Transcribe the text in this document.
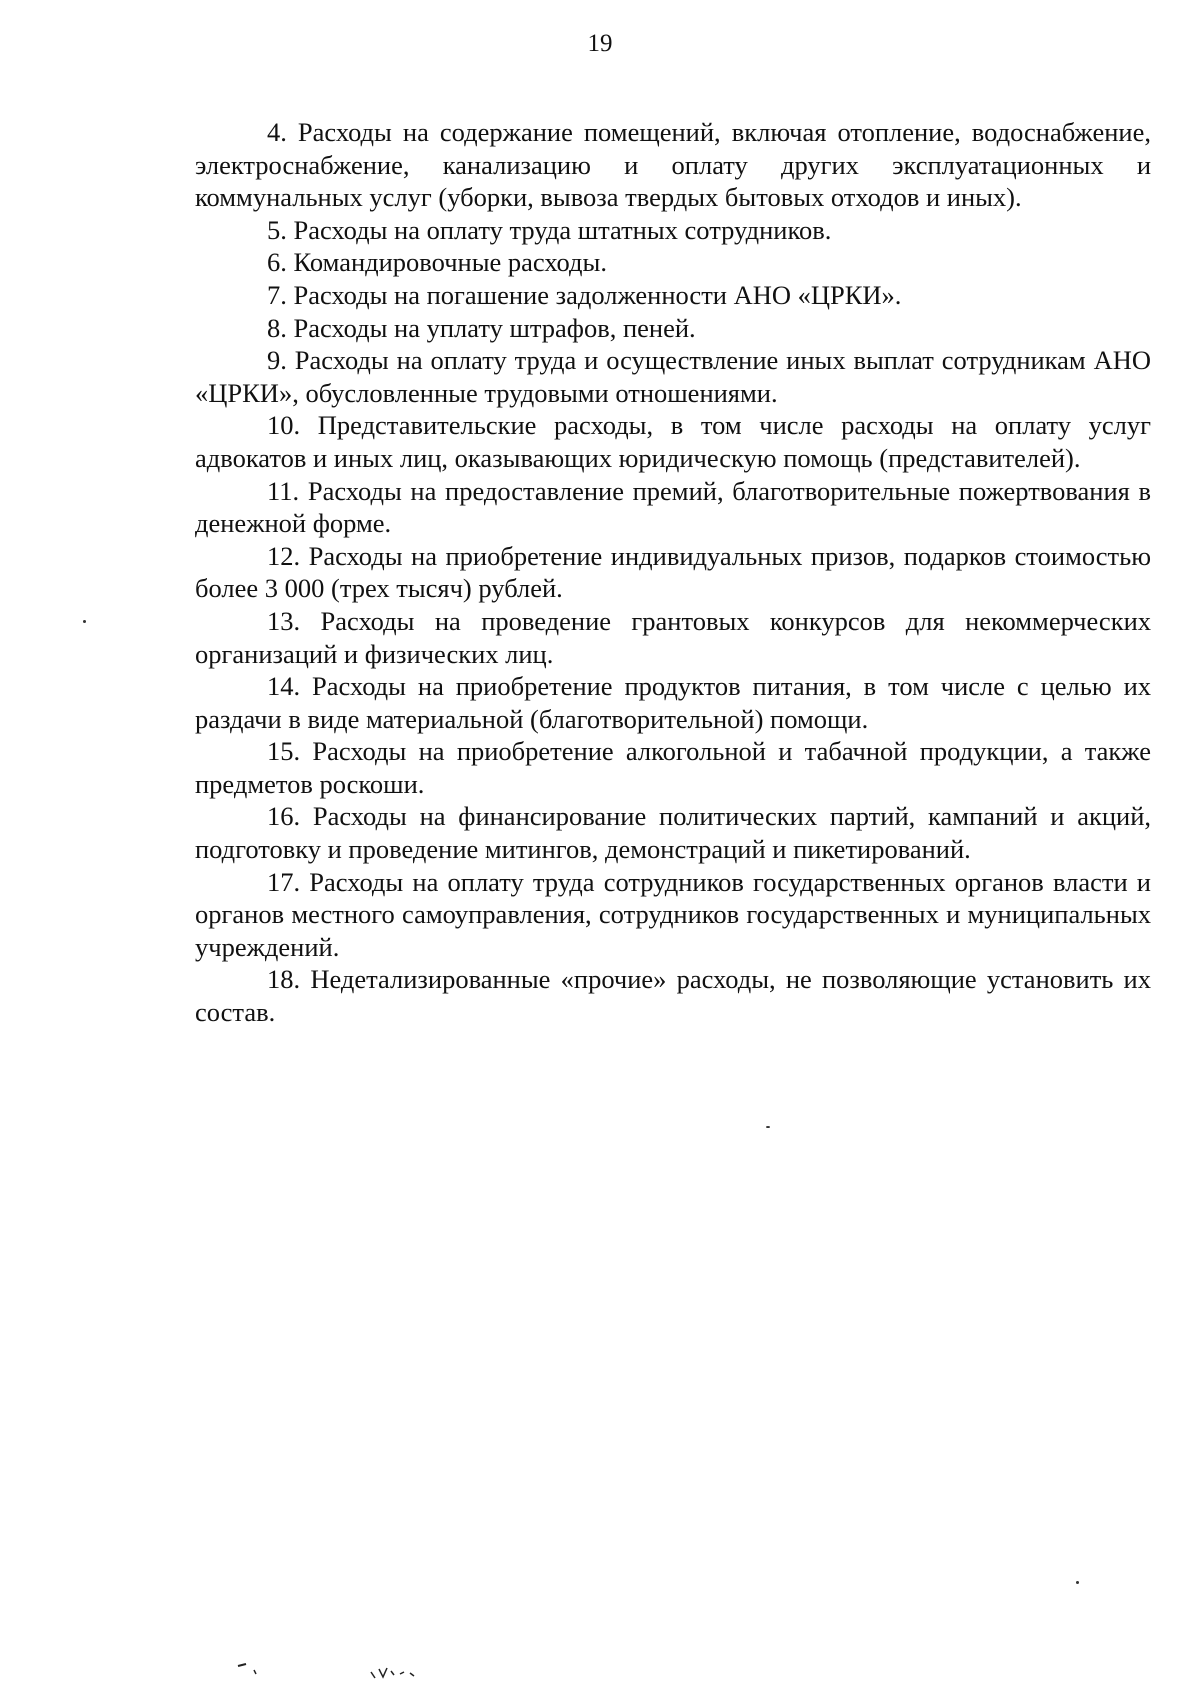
19

4. Расходы на содержание помещений, включая отопление, водоснабжение, электроснабжение, канализацию и оплату других эксплуатационных и коммунальных услуг (уборки, вывоза твердых бытовых отходов и иных).

5. Расходы на оплату труда штатных сотрудников.

6. Командировочные расходы.

7. Расходы на погашение задолженности АНО «ЦРКИ».

8. Расходы на уплату штрафов, пеней.

9. Расходы на оплату труда и осуществление иных выплат сотрудникам АНО «ЦРКИ», обусловленные трудовыми отношениями.

10. Представительские расходы, в том числе расходы на оплату услуг адвокатов и иных лиц, оказывающих юридическую помощь (представителей).

11. Расходы на предоставление премий, благотворительные пожертвования в денежной форме.

12. Расходы на приобретение индивидуальных призов, подарков стоимостью более 3 000 (трех тысяч) рублей.

13. Расходы на проведение грантовых конкурсов для некоммерческих организаций и физических лиц.

14. Расходы на приобретение продуктов питания, в том числе с целью их раздачи в виде материальной (благотворительной) помощи.

15. Расходы на приобретение алкогольной и табачной продукции, а также предметов роскоши.

16. Расходы на финансирование политических партий, кампаний и акций, подготовку и проведение митингов, демонстраций и пикетирований.

17. Расходы на оплату труда сотрудников государственных органов власти и органов местного самоуправления, сотрудников государственных и муниципальных учреждений.

18. Недетализированные «прочие» расходы, не позволяющие установить их состав.
